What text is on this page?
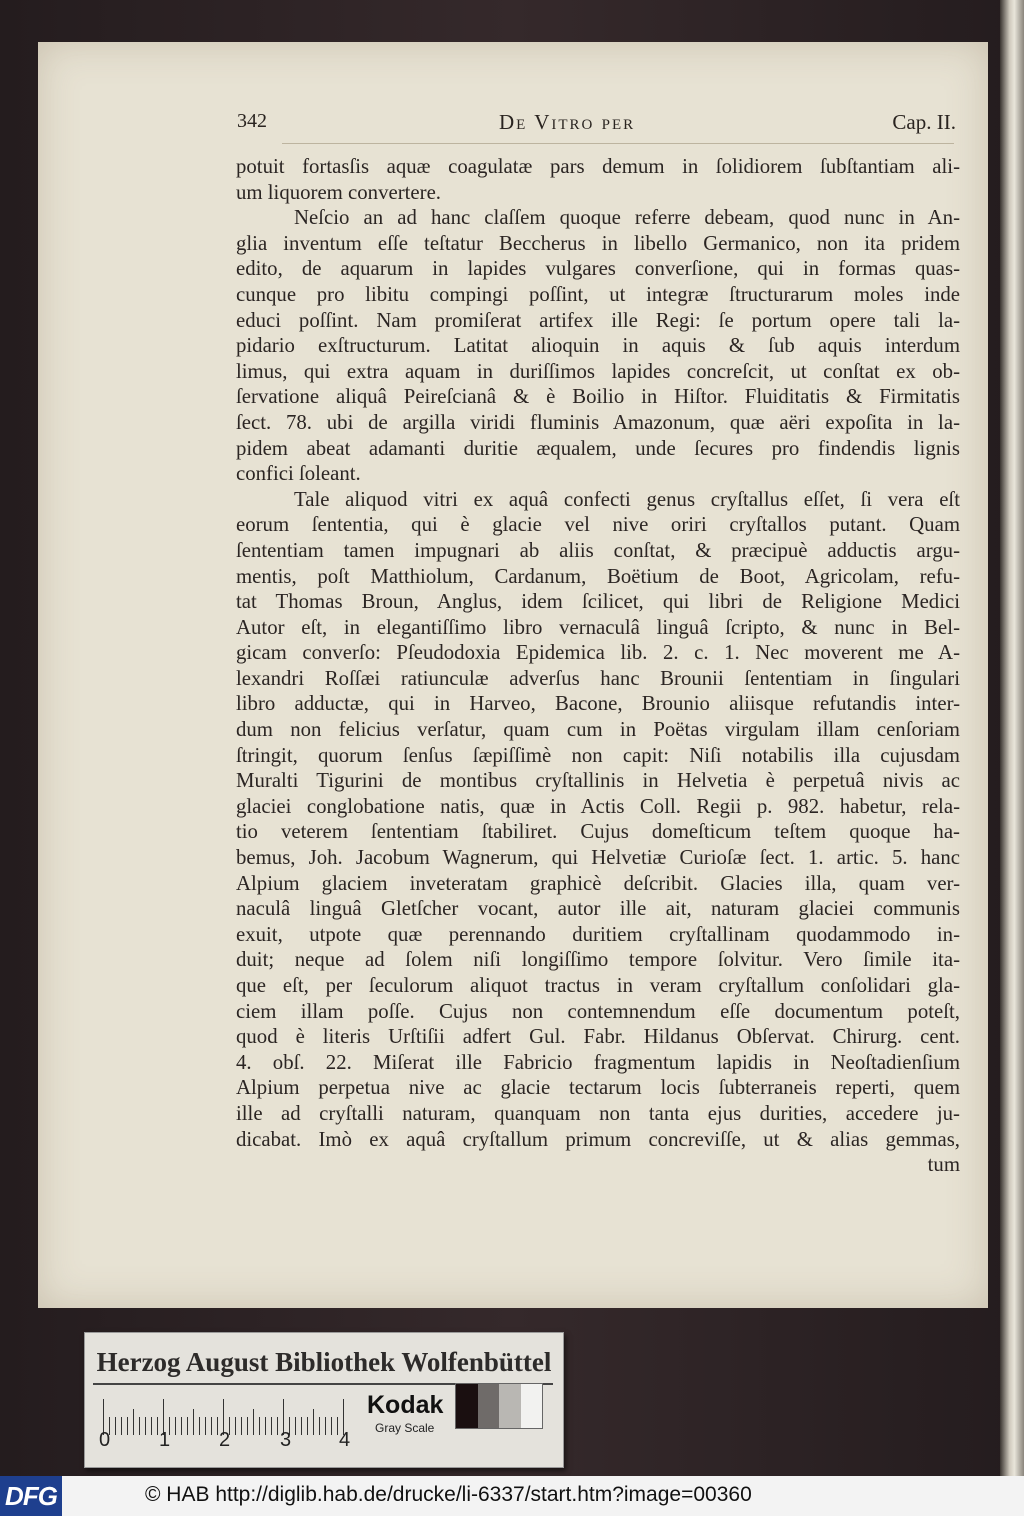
342	De Vitro per	Cap. II.
potuit fortasſis aquæ coagulatæ pars demum in ſolidiorem ſubſtantiam ali-
um liquorem convertere.
Neſcio an ad hanc claſſem quoque referre debeam, quod nunc in An-
glia inventum eſſe teſtatur Beccherus in libello Germanico, non ita pridem
edito, de aquarum in lapides vulgares converſione, qui in formas quas-
cunque pro libitu compingi poſſint, ut integræ ſtructurarum moles inde
educi poſſint. Nam promiſerat artifex ille Regi: ſe portum opere tali la-
pidario exſtructurum. Latitat alioquin in aquis & ſub aquis interdum
limus, qui extra aquam in duriſſimos lapides concreſcit, ut conſtat ex ob-
ſervatione aliquâ Peireſcianâ & è Boilio in Hiſtor. Fluiditatis & Firmitatis
ſect. 78. ubi de argilla viridi fluminis Amazonum, quæ aëri expoſita in la-
pidem abeat adamanti duritie æqualem, unde ſecures pro findendis lignis
confici ſoleant.
Tale aliquod vitri ex aquâ confecti genus cryſtallus eſſet, ſi vera eſt
eorum ſententia, qui è glacie vel nive oriri cryſtallos putant. Quam
ſententiam tamen impugnari ab aliis conſtat, & præcipuè adductis argu-
mentis, poſt Matthiolum, Cardanum, Boëtium de Boot, Agricolam, refu-
tat Thomas Broun, Anglus, idem ſcilicet, qui libri de Religione Medici
Autor eſt, in elegantiſſimo libro vernaculâ linguâ ſcripto, & nunc in Bel-
gicam converſo: Pſeudodoxia Epidemica lib. 2. c. 1. Nec moverent me A-
lexandri Roſſæi ratiunculæ adverſus hanc Brounii ſententiam in ſingulari
libro adductæ, qui in Harveo, Bacone, Brounio aliisque refutandis inter-
dum non felicius verſatur, quam cum in Poëtas virgulam illam cenſoriam
ſtringit, quorum ſenſus ſæpiſſimè non capit: Niſi notabilis illa cujusdam
Muralti Tigurini de montibus cryſtallinis in Helvetia è perpetuâ nivis ac
glaciei conglobatione natis, quæ in Actis Coll. Regii p. 982. habetur, rela-
tio veterem ſententiam ſtabiliret. Cujus domeſticum teſtem quoque ha-
bemus, Joh. Jacobum Wagnerum, qui Helvetiæ Curioſæ ſect. 1. artic. 5. hanc
Alpium glaciem inveteratam graphicè deſcribit. Glacies illa, quam ver-
naculâ linguâ Gletſcher vocant, autor ille ait, naturam glaciei communis
exuit, utpote quæ perennando duritiem cryſtallinam quodammodo in-
duit; neque ad ſolem niſi longiſſimo tempore ſolvitur. Vero ſimile ita-
que eſt, per ſeculorum aliquot tractus in veram cryſtallum conſolidari gla-
ciem illam poſſe. Cujus non contemnendum eſſe documentum poteſt,
quod è literis Urſtiſii adfert Gul. Fabr. Hildanus Obſervat. Chirurg. cent.
4. obſ. 22. Miſerat ille Fabricio fragmentum lapidis in Neoſtadienſium
Alpium perpetua nive ac glacie tectarum locis ſubterraneis reperti, quem
ille ad cryſtalli naturam, quanquam non tanta ejus durities, accedere ju-
dicabat. Imò ex aquâ cryſtallum primum concreviſſe, ut & alias gemmas,
tum
Herzog August Bibliothek Wolfenbüttel
0 1 2 3 4
Kodak
Gray Scale
DFG	© HAB http://diglib.hab.de/drucke/li-6337/start.htm?image=00360
